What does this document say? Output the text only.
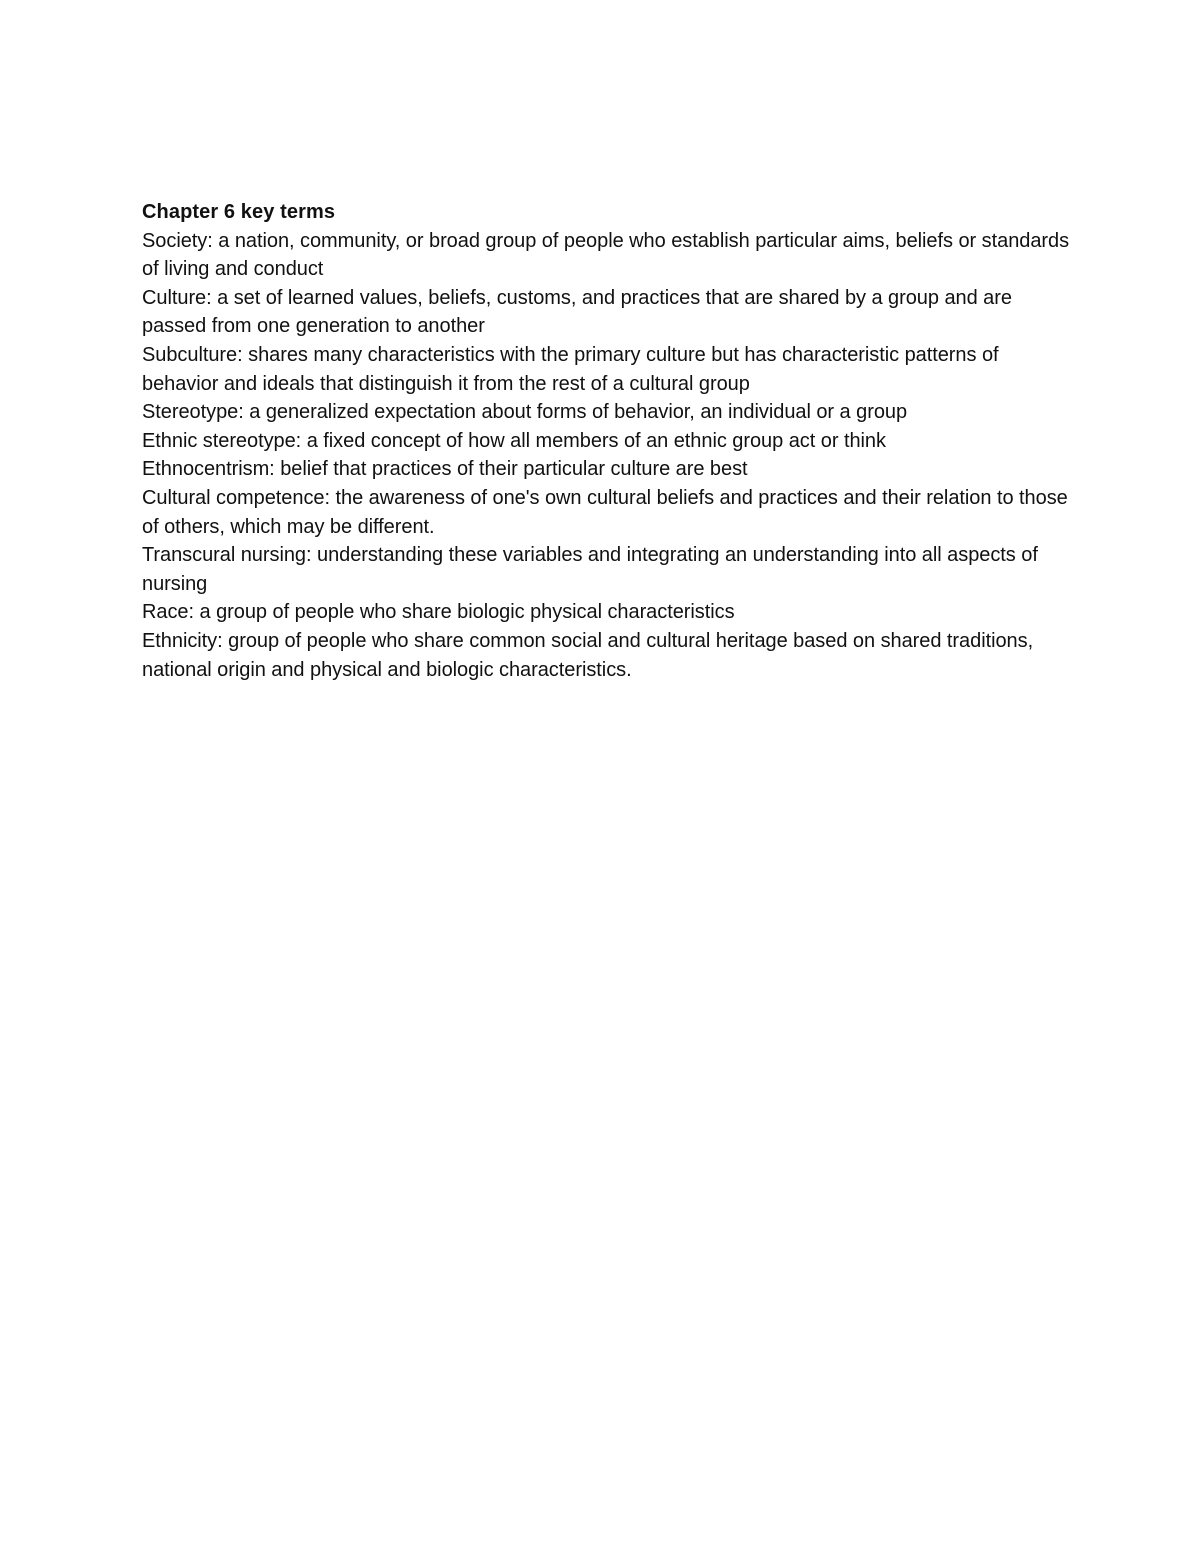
Chapter 6 key terms
Society: a nation, community, or broad group of people who establish particular aims, beliefs or standards of living and conduct
Culture: a set of learned values, beliefs, customs, and practices that are shared by a group and are passed from one generation to another
Subculture: shares many characteristics with the primary culture but has characteristic patterns of behavior and ideals that distinguish it from the rest of a cultural group
Stereotype: a generalized expectation about forms of behavior, an individual or a group
Ethnic stereotype: a fixed concept of how all members of an ethnic group act or think
Ethnocentrism: belief that practices of their particular culture are best
Cultural competence: the awareness of one's own cultural beliefs and practices and their relation to those of others, which may be different.
Transcural nursing: understanding these variables and integrating an understanding into all aspects of nursing
Race: a group of people who share biologic physical characteristics
Ethnicity: group of people who share common social and cultural heritage based on shared traditions, national origin and physical and biologic characteristics.
